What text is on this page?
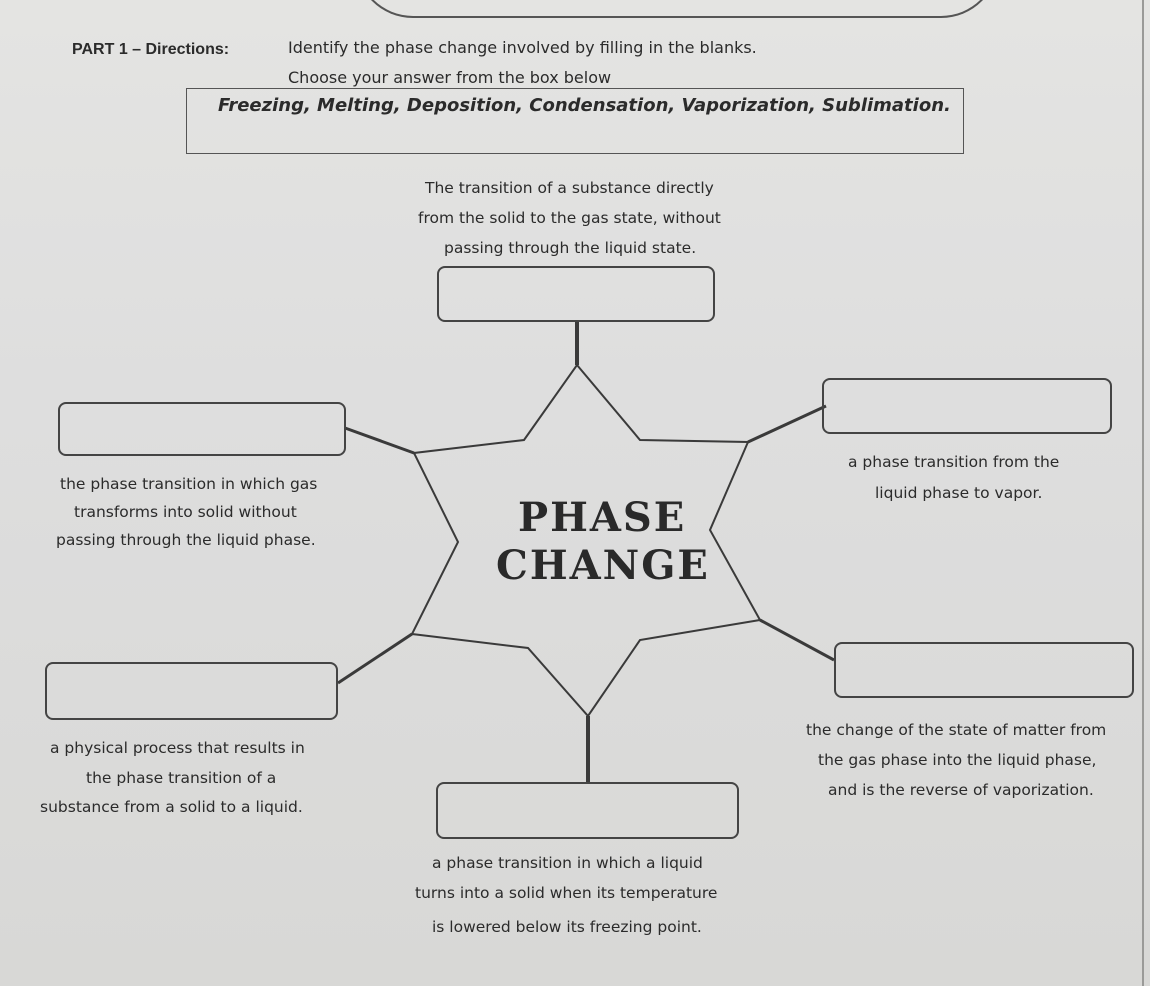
PART 1 – Directions:	Identify the phase change involved by filling in the blanks.
Choose your answer from the box below
Freezing, Melting, Deposition, Condensation, Vaporization, Sublimation.
PHASE
CHANGE
The transition of a substance directly
from the solid to the gas state, without
passing through the liquid state.
the phase transition in which gas
transforms into solid without
passing through the liquid phase.
a phase transition from the
liquid phase to vapor.
a physical process that results in
the phase transition of a
substance from a solid to a liquid.
the change of the state of matter from
the gas phase into the liquid phase,
and is the reverse of vaporization.
a phase transition in which a liquid
turns into a solid when its temperature
is lowered below its freezing point.
